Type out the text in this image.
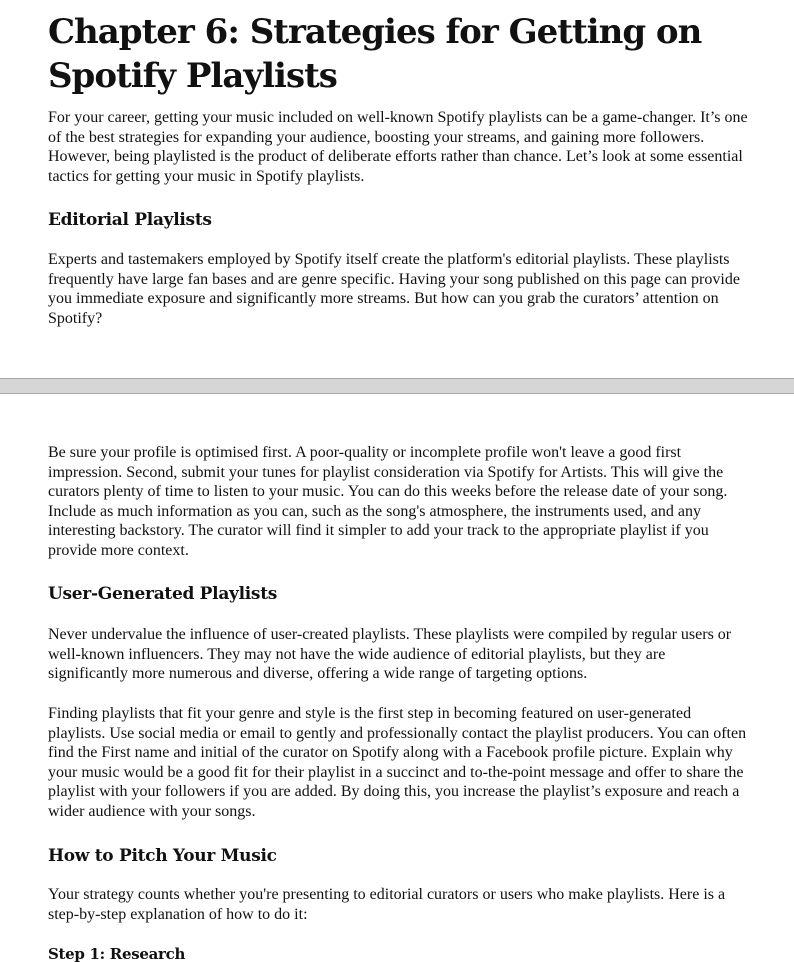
Chapter 6: Strategies for Getting on Spotify Playlists

For your career, getting your music included on well-known Spotify playlists can be a game-changer. It’s one of the best strategies for expanding your audience, boosting your streams, and gaining more followers. However, being playlisted is the product of deliberate efforts rather than chance. Let’s look at some essential tactics for getting your music in Spotify playlists.

Editorial Playlists

Experts and tastemakers employed by Spotify itself create the platform's editorial playlists. These playlists frequently have large fan bases and are genre specific. Having your song published on this page can provide you immediate exposure and significantly more streams. But how can you grab the curators’ attention on Spotify?

Be sure your profile is optimised first. A poor-quality or incomplete profile won't leave a good first impression. Second, submit your tunes for playlist consideration via Spotify for Artists. This will give the curators plenty of time to listen to your music. You can do this weeks before the release date of your song. Include as much information as you can, such as the song's atmosphere, the instruments used, and any interesting backstory. The curator will find it simpler to add your track to the appropriate playlist if you provide more context.

User-Generated Playlists

Never undervalue the influence of user-created playlists. These playlists were compiled by regular users or well-known influencers. They may not have the wide audience of editorial playlists, but they are significantly more numerous and diverse, offering a wide range of targeting options.

Finding playlists that fit your genre and style is the first step in becoming featured on user-generated playlists. Use social media or email to gently and professionally contact the playlist producers. You can often find the First name and initial of the curator on Spotify along with a Facebook profile picture. Explain why your music would be a good fit for their playlist in a succinct and to-the-point message and offer to share the playlist with your followers if you are added. By doing this, you increase the playlist’s exposure and reach a wider audience with your songs.

How to Pitch Your Music

Your strategy counts whether you're presenting to editorial curators or users who make playlists. Here is a step-by-step explanation of how to do it:

Step 1: Research
